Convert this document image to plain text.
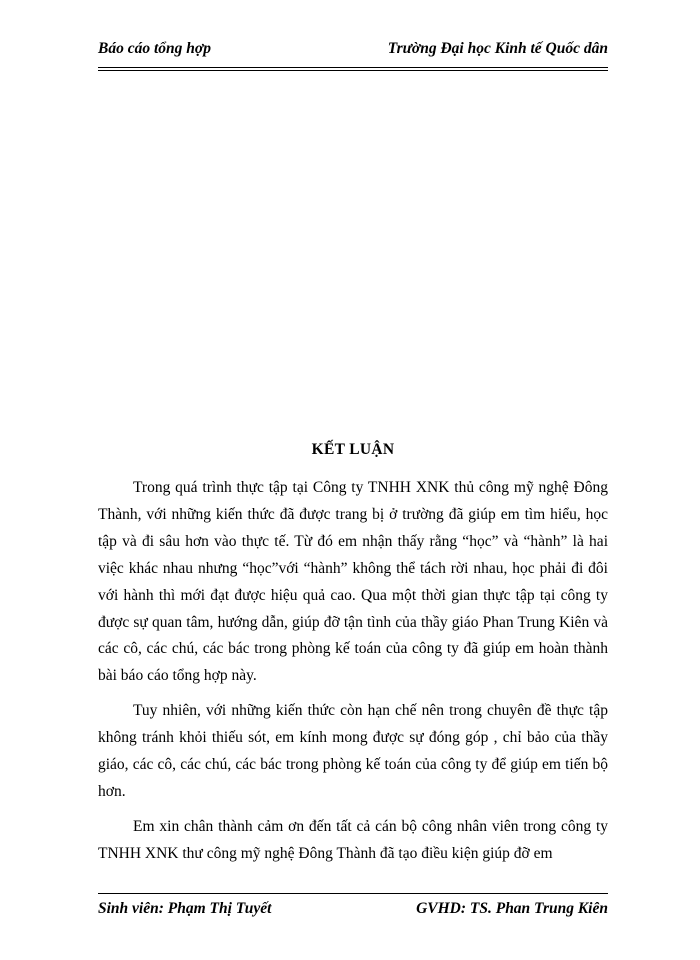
Báo cáo tổng hợp	Trường Đại học Kinh tế Quốc dân
KẾT LUẬN

Trong quá trình thực tập tại Công ty TNHH XNK thủ công mỹ nghệ Đông Thành, với những kiến thức đã được trang bị ở trường đã giúp em tìm hiểu, học tập và đi sâu hơn vào thực tế. Từ đó em nhận thấy rằng “học” và “hành” là hai việc khác nhau nhưng “học”với “hành” không thể tách rời nhau, học phải đi đôi với hành thì mới đạt được hiệu quả cao. Qua một thời gian thực tập tại công ty được sự quan tâm, hướng dẫn, giúp đỡ tận tình của thầy giáo Phan Trung Kiên và các cô, các chú, các bác trong phòng kế toán của công ty đã giúp em hoàn thành bài báo cáo tổng hợp này.

Tuy nhiên, với những kiến thức còn hạn chế nên trong chuyên đề thực tập không tránh khỏi thiếu sót, em kính mong được sự đóng góp , chỉ bảo của thầy giáo, các cô, các chú, các bác trong phòng kế toán của công ty để giúp em tiến bộ hơn.

Em xin chân thành cảm ơn đến tất cả cán bộ công nhân viên trong công ty TNHH XNK thư công mỹ nghệ Đông Thành đã tạo điều kiện giúp đỡ em

Sinh viên: Phạm Thị Tuyết	GVHD: TS. Phan Trung Kiên
